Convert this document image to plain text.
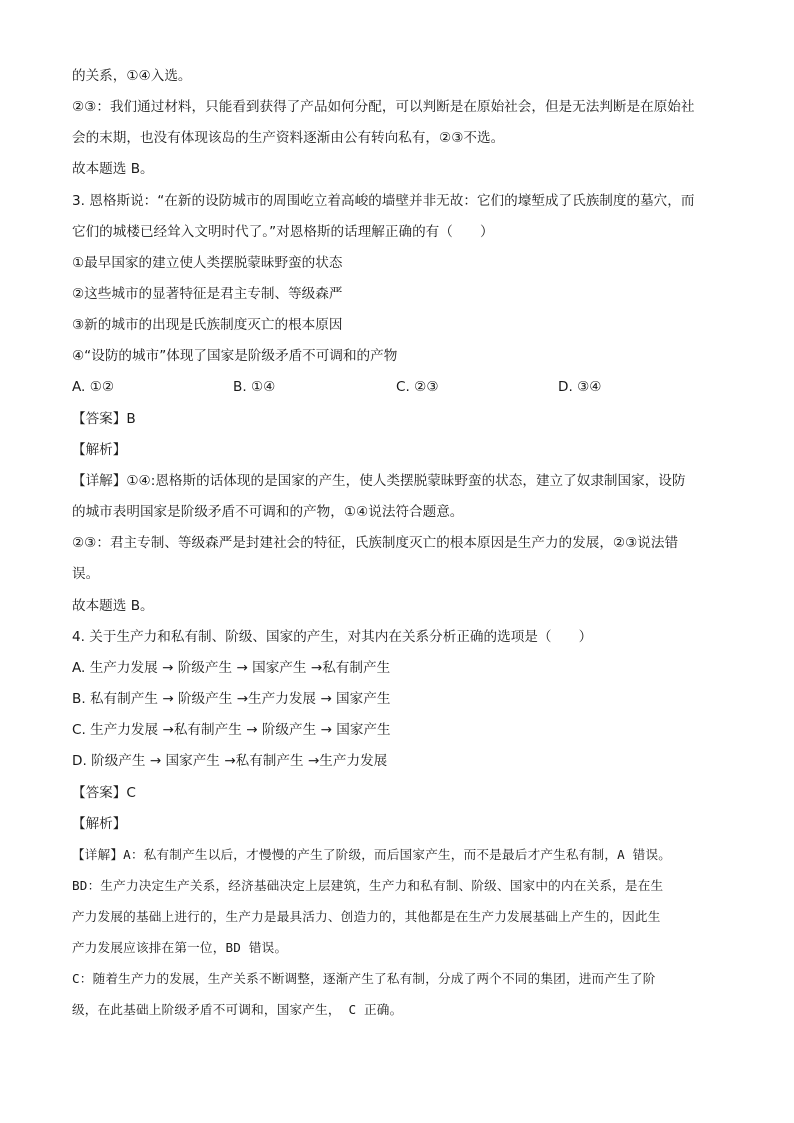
的关系，①④入选。
②③：我们通过材料，只能看到获得了产品如何分配，可以判断是在原始社会，但是无法判断是在原始社
会的末期，也没有体现该岛的生产资料逐渐由公有转向私有，②③不选。
故本题选 B。
3. 恩格斯说：“在新的设防城市的周围屹立着高峻的墙壁并非无故：它们的壕堑成了氏族制度的墓穴，而
它们的城楼已经耸入文明时代了。”对恩格斯的话理解正确的有（　　）
①最早国家的建立使人类摆脱蒙昧野蛮的状态
②这些城市的显著特征是君主专制、等级森严
③新的城市的出现是氏族制度灭亡的根本原因
④“设防的城市”体现了国家是阶级矛盾不可调和的产物
A. ①②	B. ①④	C. ②③	D. ③④
【答案】B
【解析】
【详解】①④:恩格斯的话体现的是国家的产生，使人类摆脱蒙昧野蛮的状态，建立了奴隶制国家，设防
的城市表明国家是阶级矛盾不可调和的产物，①④说法符合题意。
②③：君主专制、等级森严是封建社会的特征，氏族制度灭亡的根本原因是生产力的发展，②③说法错
误。
故本题选 B。
4. 关于生产力和私有制、阶级、国家的产生，对其内在关系分析正确的选项是（　　）
A. 生产力发展 → 阶级产生 → 国家产生 →私有制产生
B. 私有制产生 → 阶级产生 →生产力发展 → 国家产生
C. 生产力发展 →私有制产生 → 阶级产生 → 国家产生
D. 阶级产生 → 国家产生 →私有制产生 →生产力发展
【答案】C
【解析】
【详解】A：私有制产生以后，才慢慢的产生了阶级，而后国家产生，而不是最后才产生私有制，A 错误。
BD：生产力决定生产关系，经济基础决定上层建筑，生产力和私有制、阶级、国家中的内在关系，是在生
产力发展的基础上进行的，生产力是最具活力、创造力的，其他都是在生产力发展基础上产生的，因此生
产力发展应该排在第一位，BD 错误。
C：随着生产力的发展，生产关系不断调整，逐渐产生了私有制，分成了两个不同的集团，进而产生了阶
级，在此基础上阶级矛盾不可调和，国家产生， C 正确。
